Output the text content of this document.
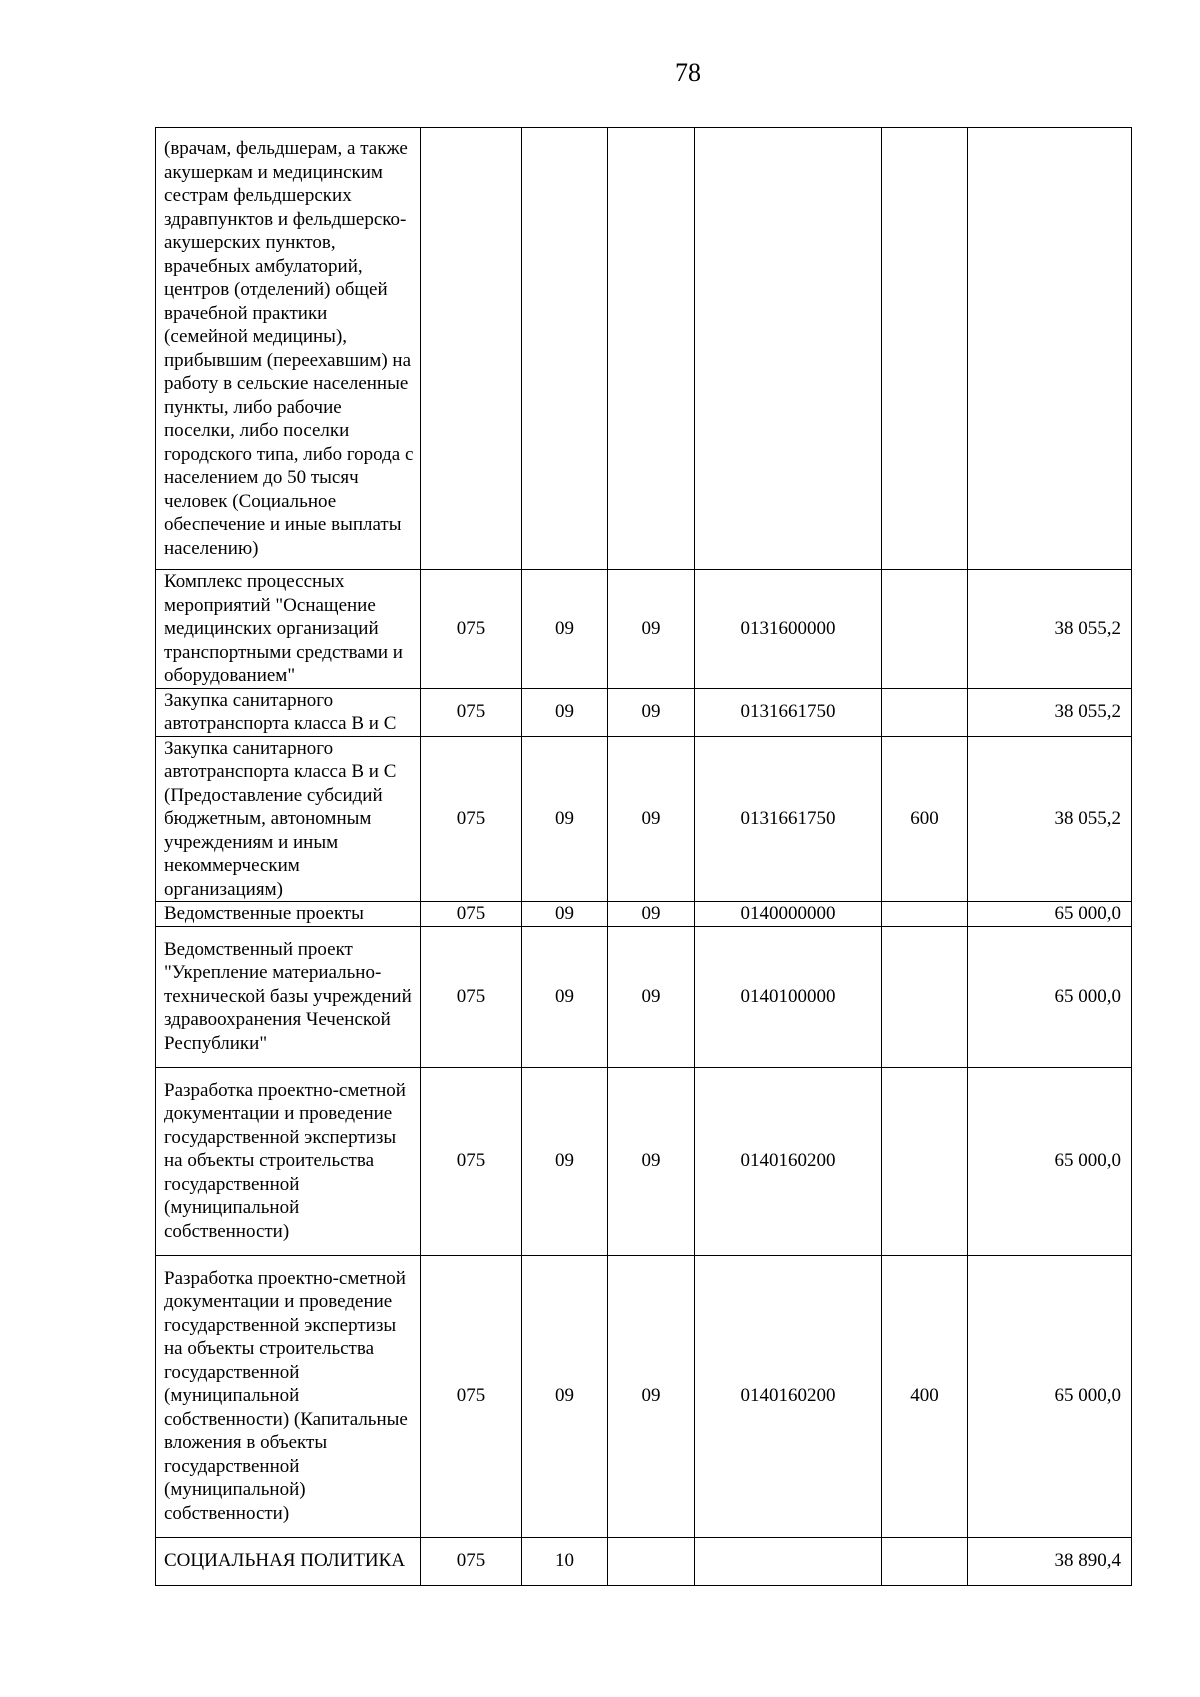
78
(врачам, фельдшерам, а также акушеркам и медицинским сестрам фельдшерских здравпунктов и фельдшерско-акушерских пунктов, врачебных амбулаторий, центров (отделений) общей врачебной практики (семейной медицины), прибывшим (переехавшим) на работу в сельские населенные пункты, либо рабочие поселки, либо поселки городского типа, либо города с населением до 50 тысяч человек (Социальное обеспечение и иные выплаты населению)						
Комплекс процессных мероприятий "Оснащение медицинских организаций транспортными средствами и оборудованием"	075	09	09	0131600000		38 055,2
Закупка санитарного автотранспорта класса В и С	075	09	09	0131661750		38 055,2
Закупка санитарного автотранспорта класса В и С (Предоставление субсидий бюджетным, автономным учреждениям и иным некоммерческим организациям)	075	09	09	0131661750	600	38 055,2
Ведомственные проекты	075	09	09	0140000000		65 000,0
Ведомственный проект "Укрепление материально-технической базы учреждений здравоохранения Чеченской Республики"	075	09	09	0140100000		65 000,0
Разработка проектно-сметной документации и проведение государственной экспертизы на объекты строительства государственной (муниципальной собственности)	075	09	09	0140160200		65 000,0
Разработка проектно-сметной документации и проведение государственной экспертизы на объекты строительства государственной (муниципальной собственности) (Капитальные вложения в объекты государственной (муниципальной) собственности)	075	09	09	0140160200	400	65 000,0
СОЦИАЛЬНАЯ ПОЛИТИКА	075	10				38 890,4
